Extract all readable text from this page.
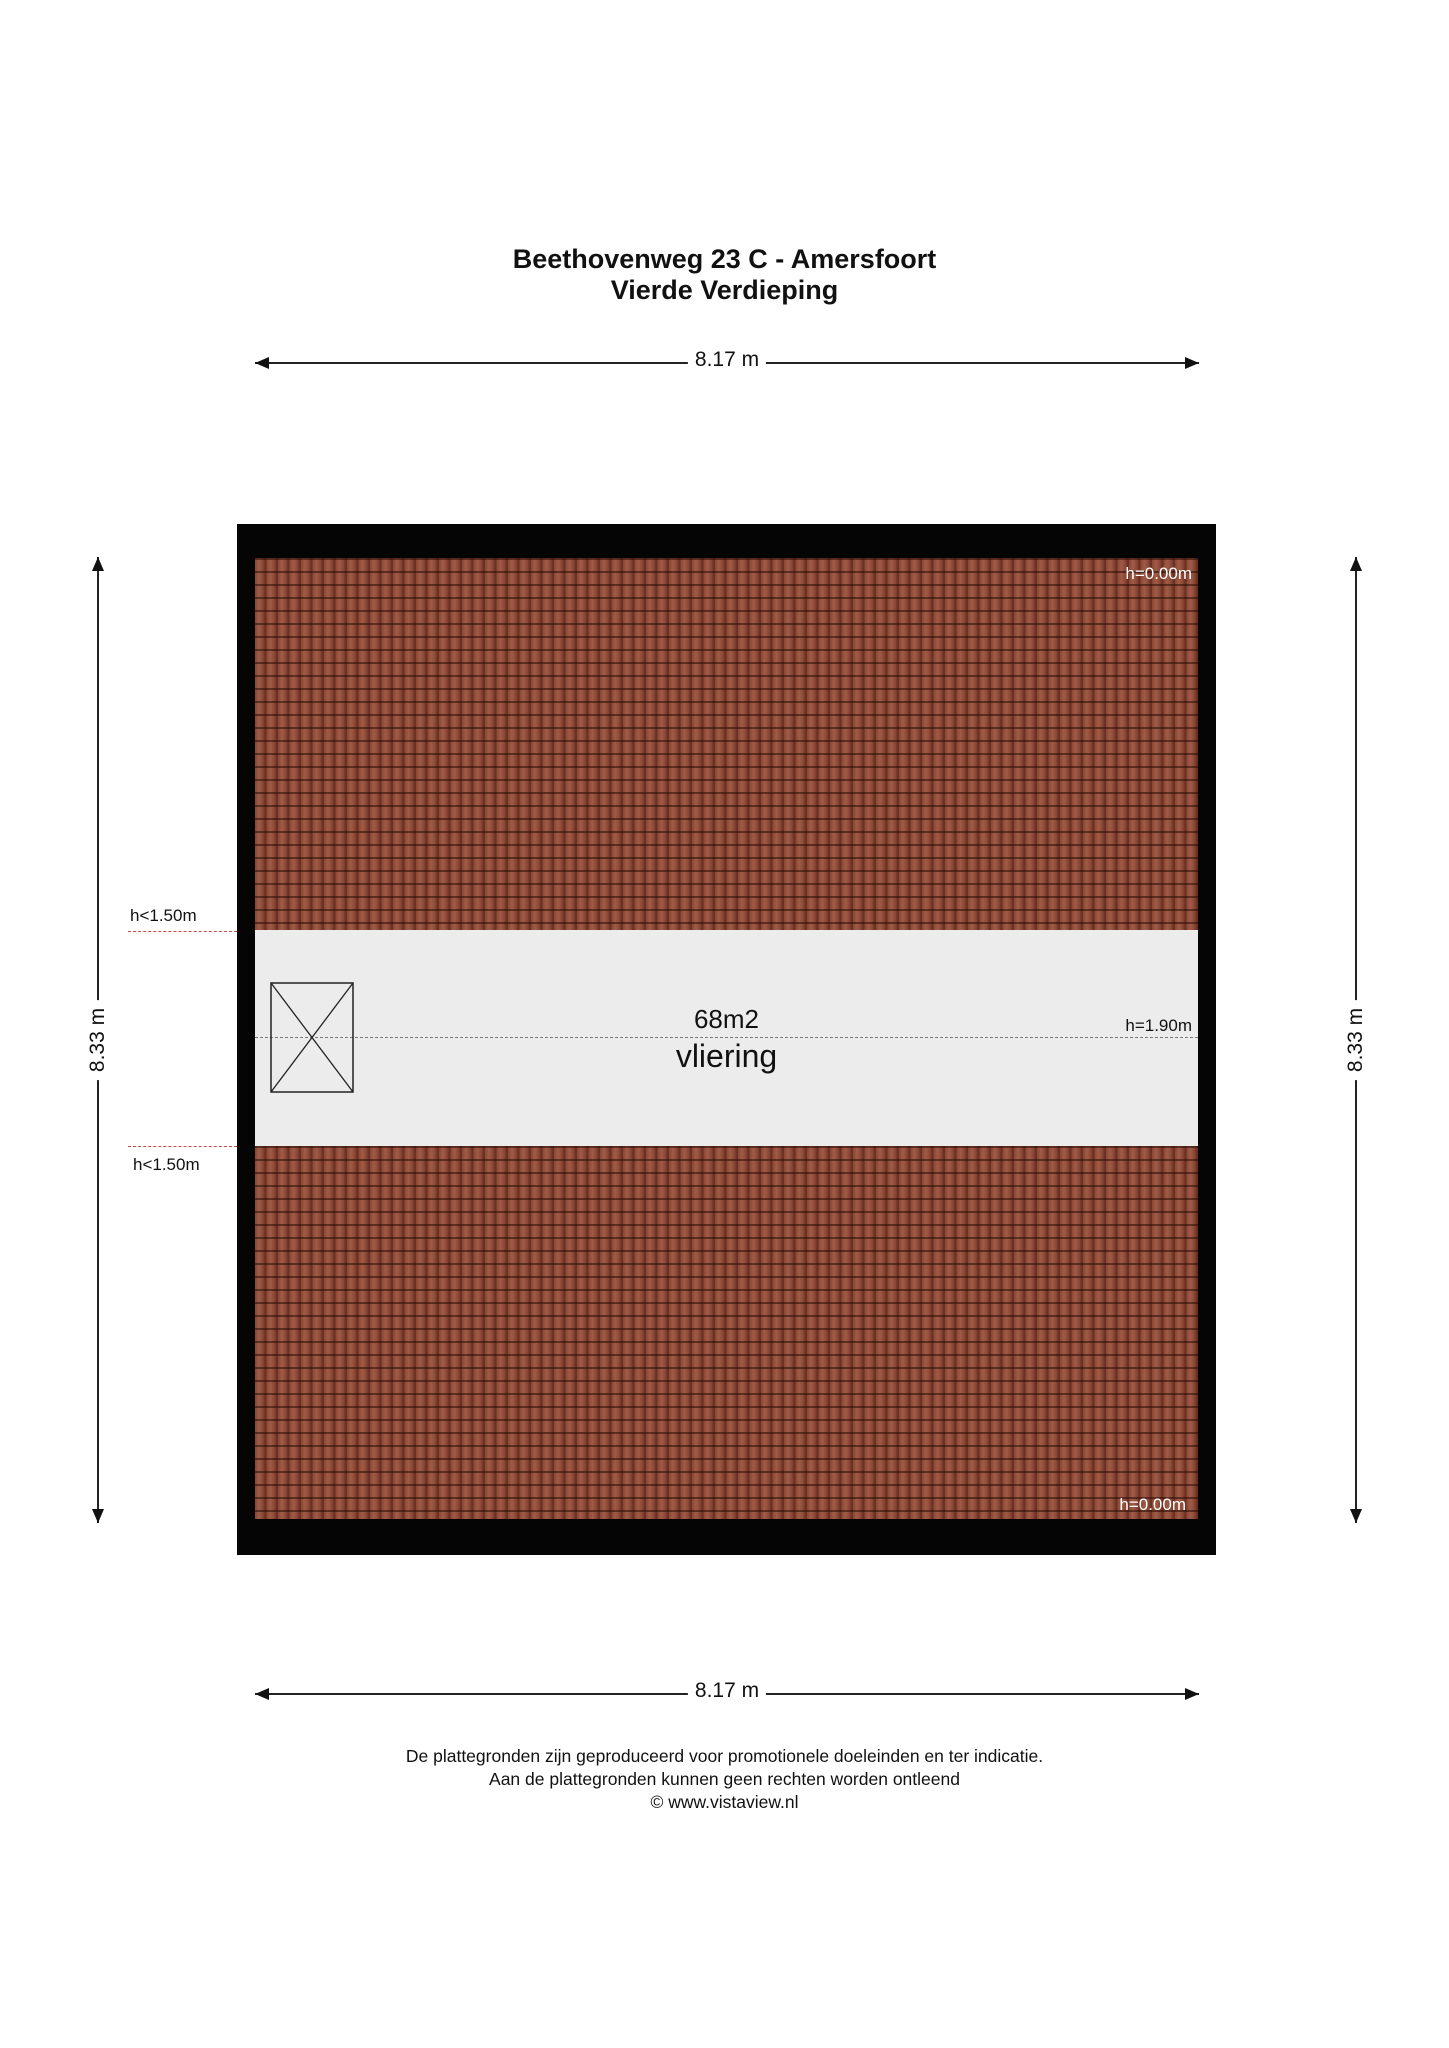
Beethovenweg 23 C - Amersfoort
Vierde Verdieping
8.17 m
8.33 m	8.33 m
68m2
vliering
h=1.90m
h=0.00m
h=0.00m
h<1.50m
h<1.50m
8.17 m
De plattegronden zijn geproduceerd voor promotionele doeleinden en ter indicatie.
Aan de plattegronden kunnen geen rechten worden ontleend
© www.vistaview.nl
